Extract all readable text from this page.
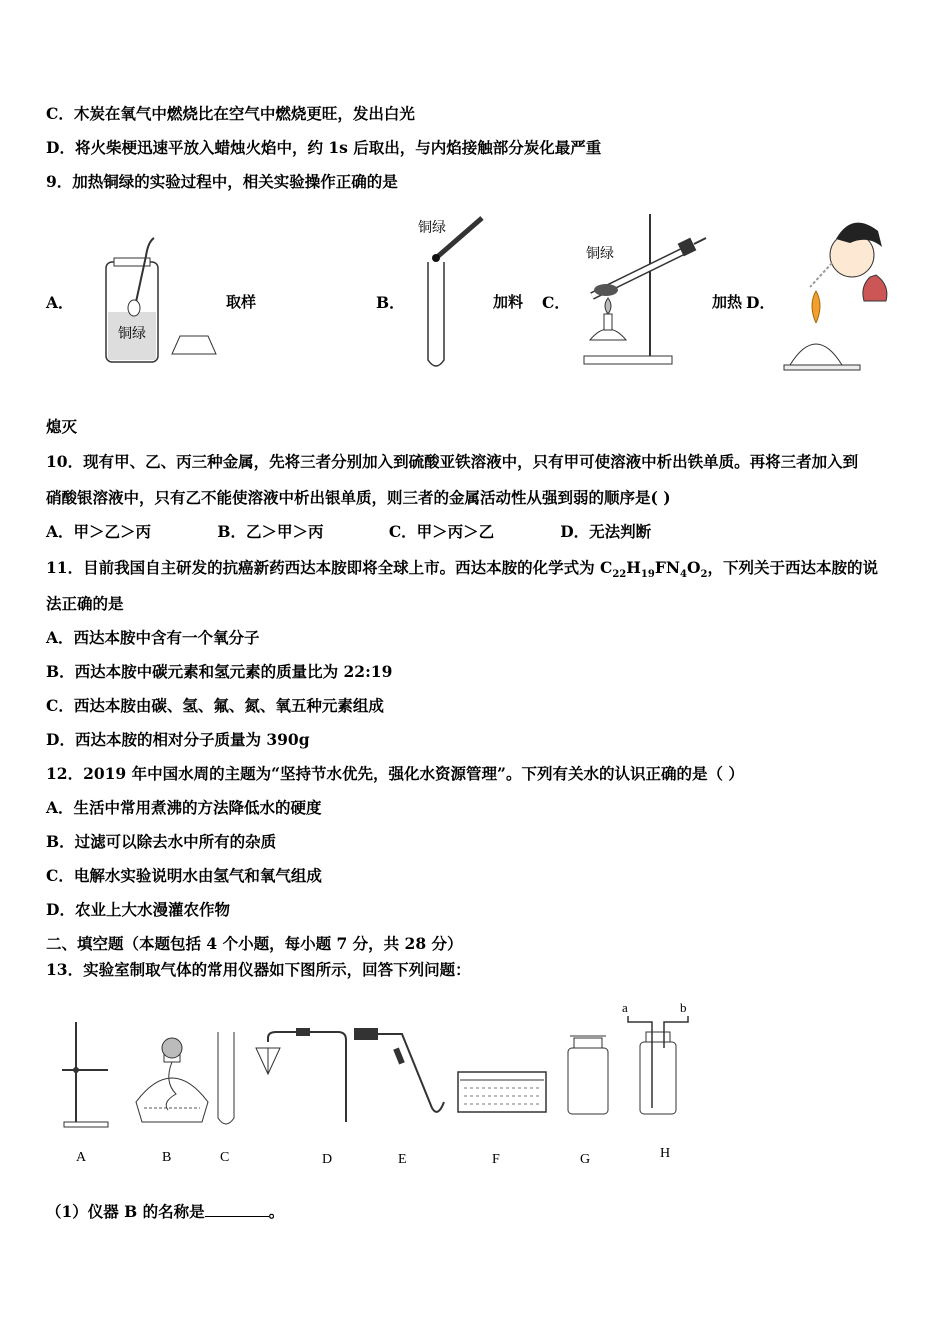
C．木炭在氧气中燃烧比在空气中燃烧更旺，发出白光
D．将火柴梗迅速平放入蜡烛火焰中，约 1s 后取出，与内焰接触部分炭化最严重
9．加热铜绿的实验过程中，相关实验操作正确的是
A．	取样	B．	加料 C．	加热 D．
铜绿
铜绿
铜绿
熄灭
10．现有甲、乙、丙三种金属，先将三者分别加入到硫酸亚铁溶液中，只有甲可使溶液中析出铁单质。再将三者加入到
硝酸银溶液中，只有乙不能使溶液中析出银单质，则三者的金属活动性从强到弱的顺序是( )
A．甲＞乙＞丙	B．乙＞甲＞丙	C．甲＞丙＞乙	D．无法判断
11．目前我国自主研发的抗癌新药西达本胺即将全球上市。西达本胺的化学式为 $C_{22}H_{19}FN_4O_2$，下列关于西达本胺的说
法正确的是
A．西达本胺中含有一个氧分子
B．西达本胺中碳元素和氢元素的质量比为 22:19
C．西达本胺由碳、氢、氟、氮、氧五种元素组成
D．西达本胺的相对分子质量为 390g
12．2019 年中国水周的主题为“坚持节水优先，强化水资源管理”。下列有关水的认识正确的是（ ）
A．生活中常用煮沸的方法降低水的硬度
B．过滤可以除去水中所有的杂质
C．电解水实验说明水由氢气和氧气组成
D．农业上大水漫灌农作物
二、填空题（本题包括 4 个小题，每小题 7 分，共 28 分）
13．实验室制取气体的常用仪器如下图所示，回答下列问题：
a	b
A	B	C	D	E	F	G	H
（1）仪器 B 的名称是	。
